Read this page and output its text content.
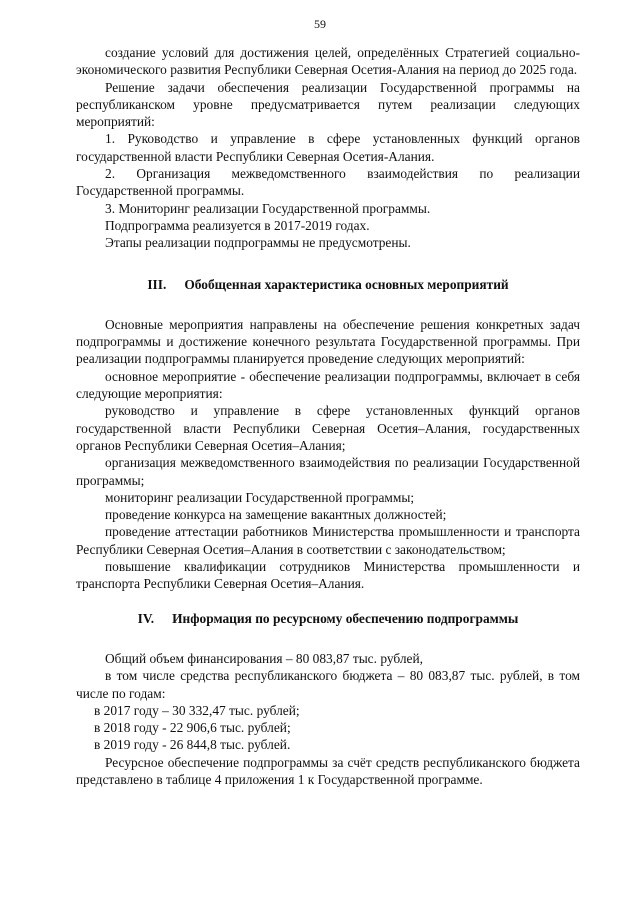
59

создание условий для достижения целей, определённых Стратегией социально-экономического развития Республики Северная Осетия-Алания на период до 2025 года.

Решение задачи обеспечения реализации Государственной программы на республиканском уровне предусматривается путем реализации следующих мероприятий:

1. Руководство и управление в сфере установленных функций органов государственной власти Республики Северная Осетия-Алания.

2. Организация межведомственного взаимодействия по реализации Государственной программы.

3. Мониторинг реализации Государственной программы.

Подпрограмма реализуется в 2017-2019 годах.

Этапы реализации подпрограммы не предусмотрены.

III. Обобщенная характеристика основных мероприятий

Основные мероприятия направлены на обеспечение решения конкретных задач подпрограммы и достижение конечного результата Государственной программы. При реализации подпрограммы планируется проведение следующих мероприятий:

основное мероприятие - обеспечение реализации подпрограммы, включает в себя следующие мероприятия:

руководство и управление в сфере установленных функций органов государственной власти Республики Северная Осетия–Алания, государственных органов Республики Северная Осетия–Алания;

организация межведомственного взаимодействия по реализации Государственной программы;

мониторинг реализации Государственной программы;

проведение конкурса на замещение вакантных должностей;

проведение аттестации работников Министерства промышленности и транспорта Республики Северная Осетия–Алания в соответствии с законодательством;

повышение квалификации сотрудников Министерства промышленности и транспорта Республики Северная Осетия–Алания.

IV. Информация по ресурсному обеспечению подпрограммы

Общий объем финансирования – 80 083,87 тыс. рублей,

в том числе средства республиканского бюджета – 80 083,87 тыс. рублей, в том числе по годам:

в 2017 году – 30 332,47 тыс. рублей;

в 2018 году - 22 906,6 тыс. рублей;

в 2019 году - 26 844,8 тыс. рублей.

Ресурсное обеспечение подпрограммы за счёт средств республиканского бюджета представлено в таблице 4 приложения 1 к Государственной программе.
